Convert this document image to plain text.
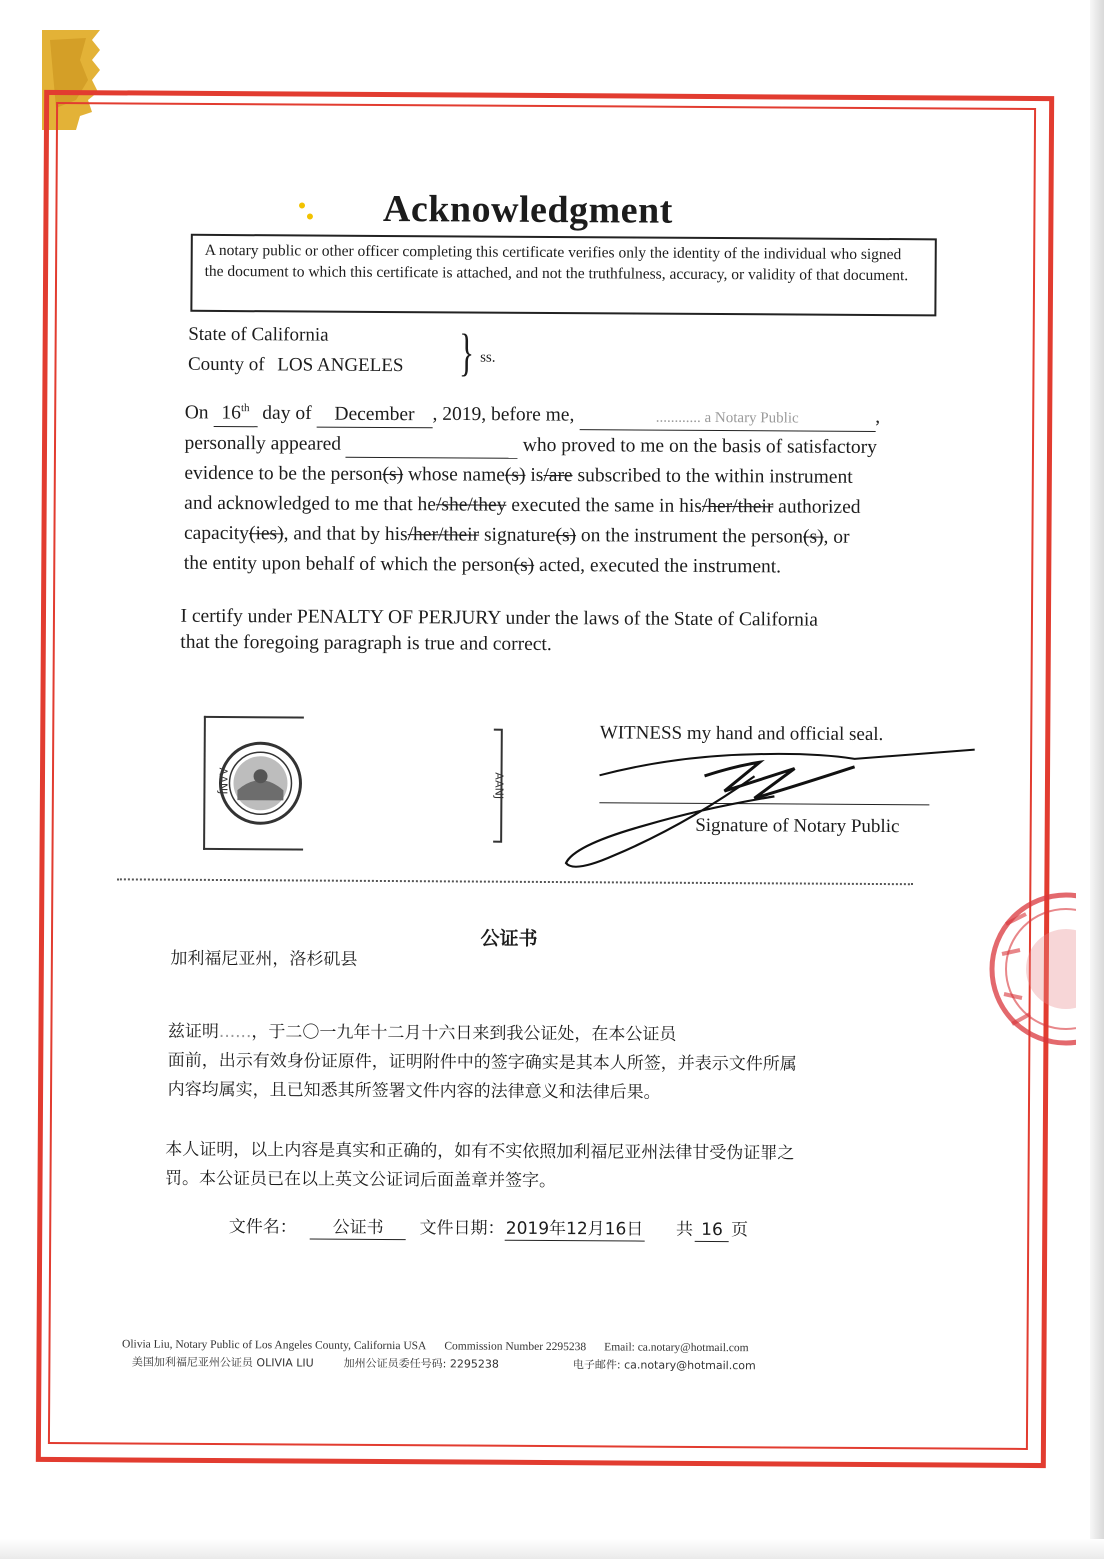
Acknowledgment
A notary public or other officer completing this certificate verifies only the identity of the individual who signed the document to which this certificate is attached, and not the truthfulness, accuracy, or validity of that document.
State of California
County of LOS ANGELES } ss.
On 16th day of December , 2019, before me,	............ a Notary Public	,
personally appeared	who proved to me on the basis of satisfactory
evidence to be the person(s) whose name(s) is/are subscribed to the within instrument
and acknowledged to me that he/she/they executed the same in his/her/their authorized
capacity(ies), and that by his/her/their signature(s) on the instrument the person(s), or
the entity upon behalf of which the person(s) acted, executed the instrument.
I certify under PENALTY OF PERJURY under the laws of the State of California
that the foregoing paragraph is true and correct.
AANJ	AANJ
WITNESS my hand and official seal.
Signature of Notary Public
公证书
加利福尼亚州，洛杉矶县
兹证明......，于二〇一九年十二月十六日来到我公证处，在本公证员
面前，出示有效身份证原件，证明附件中的签字确实是其本人所签，并表示文件所属
内容均属实，且已知悉其所签署文件内容的法律意义和法律后果。
本人证明，以上内容是真实和正确的，如有不实依照加利福尼亚州法律甘受伪证罪之
罚。本公证员已在以上英文公证词后面盖章并签字。
文件名： 公证书 文件日期：2019年12月16日 共 16 页
Olivia Liu, Notary Public of Los Angeles County, California USA Commission Number 2295238 Email: ca.notary@hotmail.com
美国加利福尼亚州公证员 OLIVIA LIU	加州公证员委任号码: 2295238	电子邮件: ca.notary@hotmail.com
